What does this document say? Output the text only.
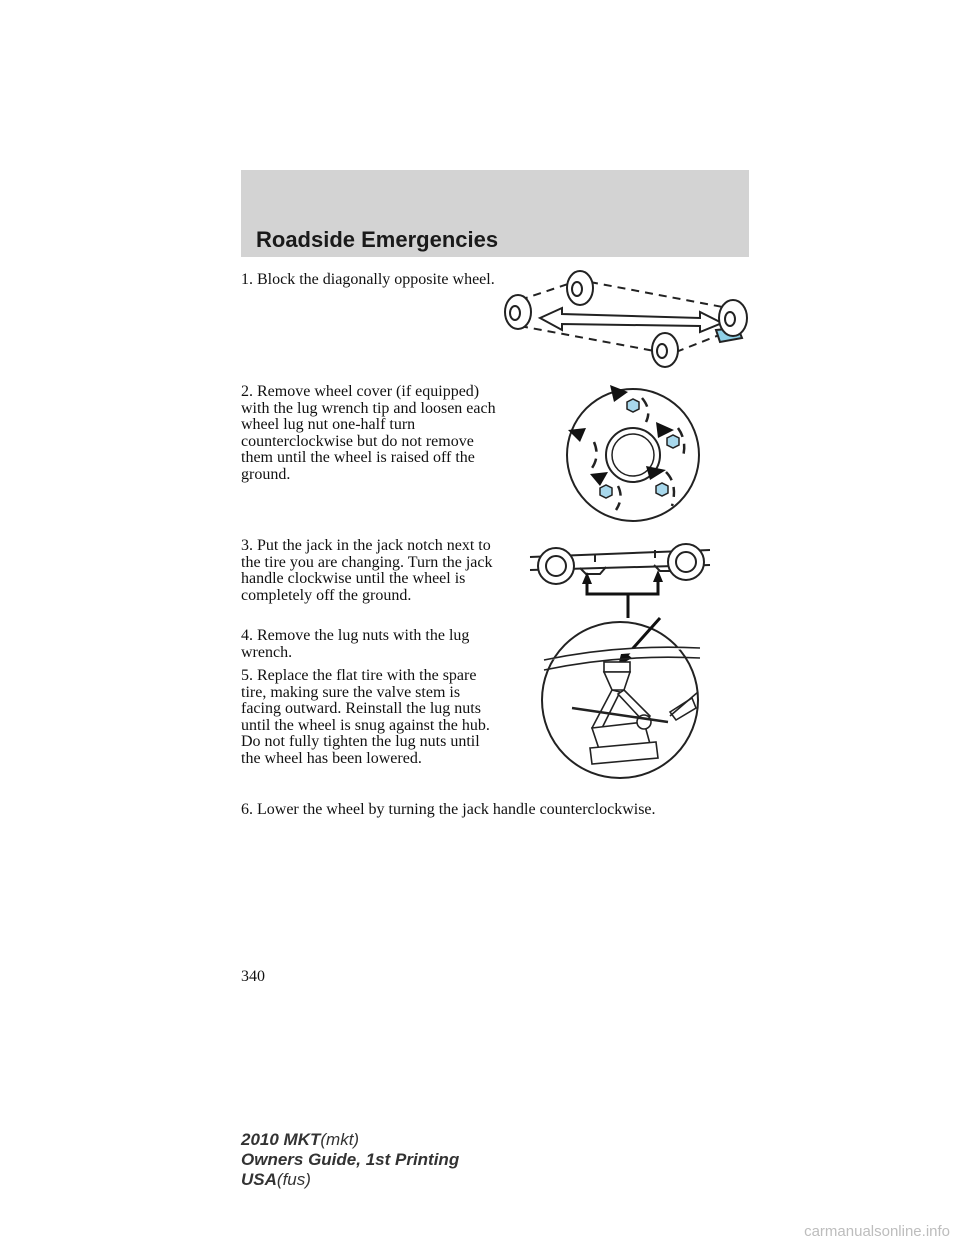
Roadside Emergencies

1. Block the diagonally opposite wheel.

2. Remove wheel cover (if equipped) with the lug wrench tip and loosen each wheel lug nut one-half turn counterclockwise but do not remove them until the wheel is raised off the ground.

3. Put the jack in the jack notch next to the tire you are changing. Turn the jack handle clockwise until the wheel is completely off the ground.

4. Remove the lug nuts with the lug wrench.

5. Replace the flat tire with the spare tire, making sure the valve stem is facing outward. Reinstall the lug nuts until the wheel is snug against the hub. Do not fully tighten the lug nuts until the wheel has been lowered.

6. Lower the wheel by turning the jack handle counterclockwise.

340
2010 MKT(mkt)
Owners Guide, 1st Printing
USA(fus)
carmanualsonline.info
